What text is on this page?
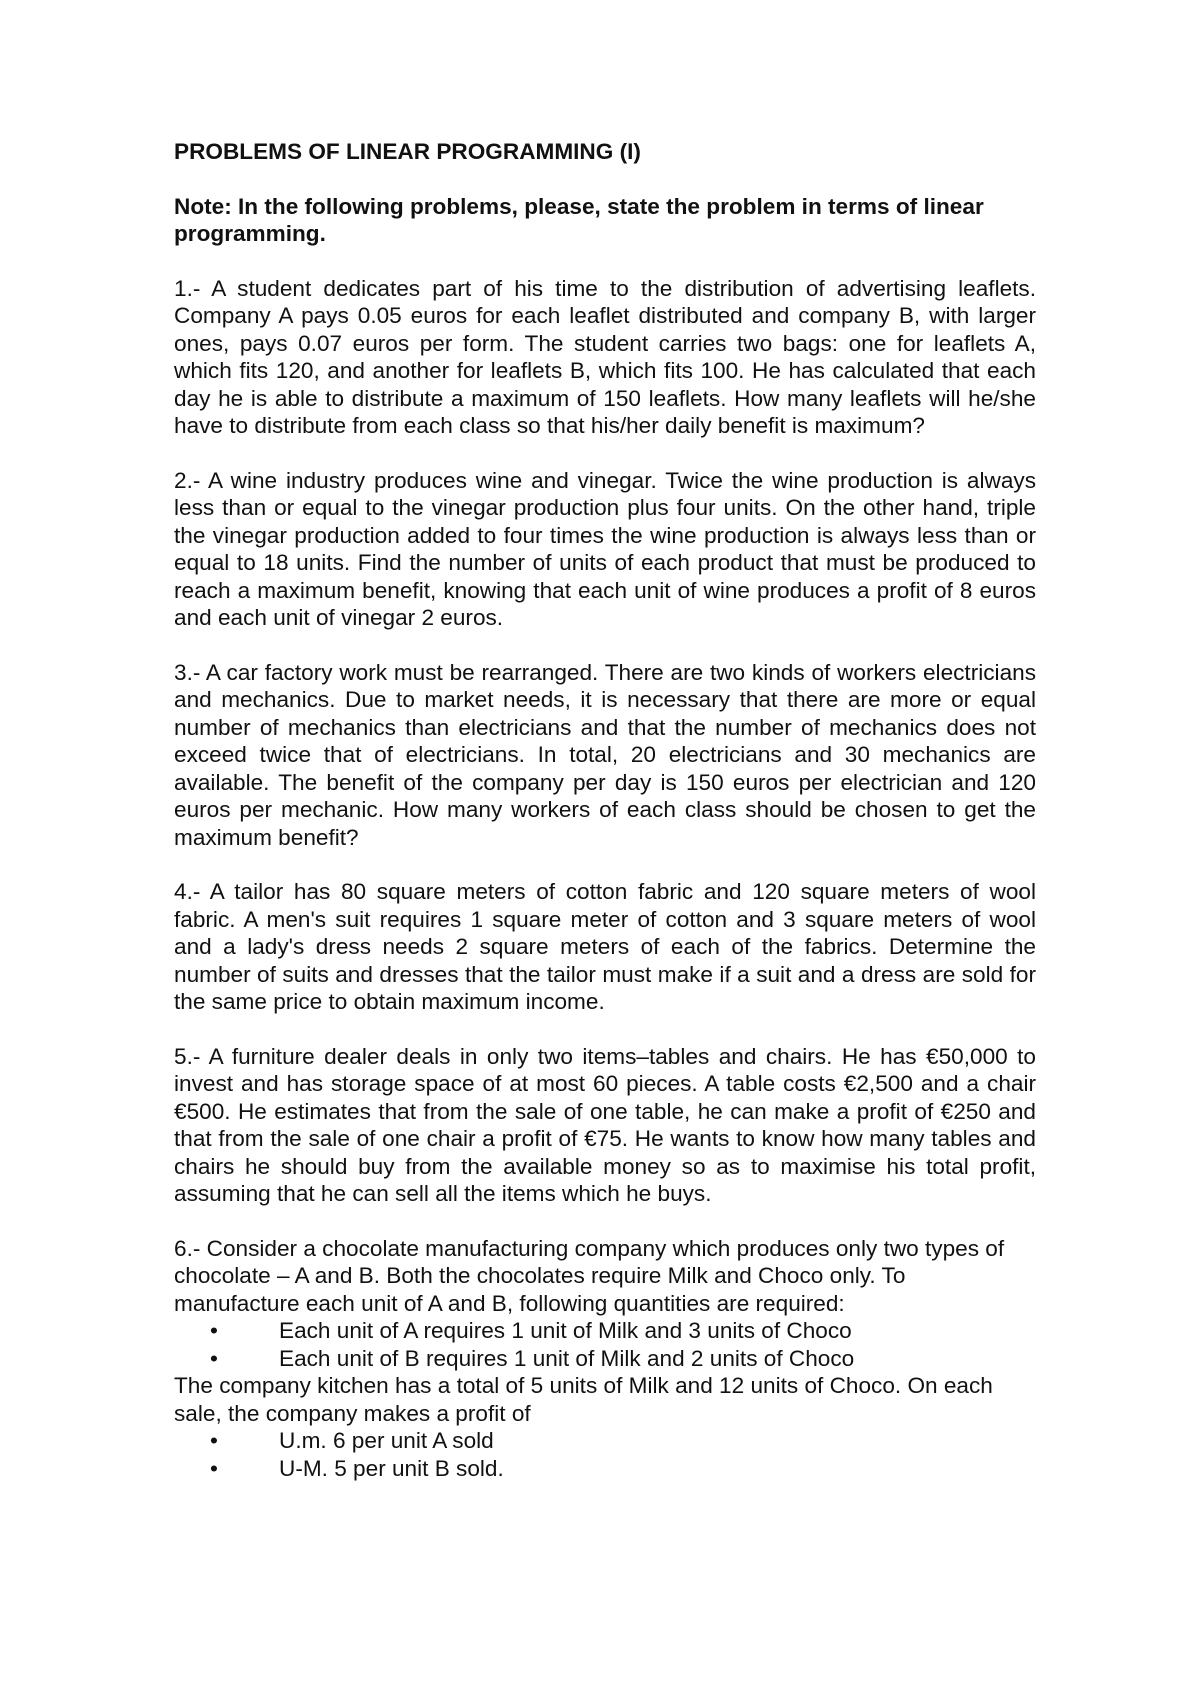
PROBLEMS OF LINEAR PROGRAMMING (I)

Note: In the following problems, please, state the problem in terms of linear programming.

1.- A student dedicates part of his time to the distribution of advertising leaflets. Company A pays 0.05 euros for each leaflet distributed and company B, with larger ones, pays 0.07 euros per form. The student carries two bags: one for leaflets A, which fits 120, and another for leaflets B, which fits 100. He has calculated that each day he is able to distribute a maximum of 150 leaflets. How many leaflets will he/she have to distribute from each class so that his/her daily benefit is maximum?

2.- A wine industry produces wine and vinegar. Twice the wine production is always less than or equal to the vinegar production plus four units. On the other hand, triple the vinegar production added to four times the wine production is always less than or equal to 18 units. Find the number of units of each product that must be produced to reach a maximum benefit, knowing that each unit of wine produces a profit of 8 euros and each unit of vinegar 2 euros.

3.- A car factory work must be rearranged. There are two kinds of workers electricians and mechanics. Due to market needs, it is necessary that there are more or equal number of mechanics than electricians and that the number of mechanics does not exceed twice that of electricians. In total, 20 electricians and 30 mechanics are available. The benefit of the company per day is 150 euros per electrician and 120 euros per mechanic. How many workers of each class should be chosen to get the maximum benefit?

4.- A tailor has 80 square meters of cotton fabric and 120 square meters of wool fabric. A men's suit requires 1 square meter of cotton and 3 square meters of wool and a lady's dress needs 2 square meters of each of the fabrics. Determine the number of suits and dresses that the tailor must make if a suit and a dress are sold for the same price to obtain maximum income.

5.- A furniture dealer deals in only two items–tables and chairs. He has €50,000 to invest and has storage space of at most 60 pieces. A table costs €2,500 and a chair €500. He estimates that from the sale of one table, he can make a profit of €250 and that from the sale of one chair a profit of €75. He wants to know how many tables and chairs he should buy from the available money so as to maximise his total profit, assuming that he can sell all the items which he buys.

6.- Consider a chocolate manufacturing company which produces only two types of chocolate – A and B. Both the chocolates require Milk and Choco only. To manufacture each unit of A and B, following quantities are required:

•	Each unit of A requires 1 unit of Milk and 3 units of Choco
•	Each unit of B requires 1 unit of Milk and 2 units of Choco

The company kitchen has a total of 5 units of Milk and 12 units of Choco. On each sale, the company makes a profit of

•	U.m. 6 per unit A sold
•	U-M. 5 per unit B sold.
